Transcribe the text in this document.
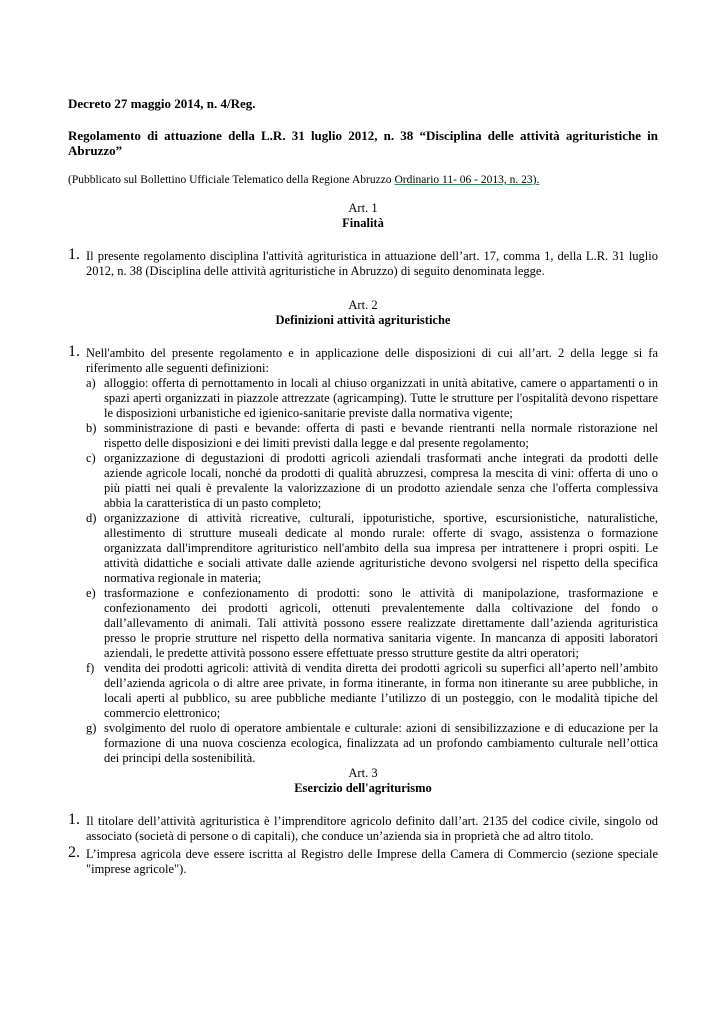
Decreto 27 maggio 2014, n. 4/Reg.
Regolamento di attuazione della L.R. 31 luglio 2012, n. 38 “Disciplina delle attività agrituristiche in Abruzzo”
(Pubblicato sul Bollettino Ufficiale Telematico della Regione Abruzzo Ordinario 11- 06 - 2013, n. 23).
Art. 1
Finalità
1. Il presente regolamento disciplina l'attività agrituristica in attuazione dell’art. 17, comma 1, della L.R. 31 luglio 2012, n. 38 (Disciplina delle attività agrituristiche in Abruzzo) di seguito denominata legge.
Art. 2
Definizioni attività agrituristiche
1. Nell'ambito del presente regolamento e in applicazione delle disposizioni di cui all’art. 2 della legge si fa riferimento alle seguenti definizioni:
a) alloggio: offerta di pernottamento in locali al chiuso organizzati in unità abitative, camere o appartamenti o in spazi aperti organizzati in piazzole attrezzate (agricamping). Tutte le strutture per l'ospitalità devono rispettare le disposizioni urbanistiche ed igienico-sanitarie previste dalla normativa vigente;
b) somministrazione di pasti e bevande: offerta di pasti e bevande rientranti nella normale ristorazione nel rispetto delle disposizioni e dei limiti previsti dalla legge e dal presente regolamento;
c) organizzazione di degustazioni di prodotti agricoli aziendali trasformati anche integrati da prodotti delle aziende agricole locali, nonché da prodotti di qualità abruzzesi, compresa la mescita di vini: offerta di uno o più piatti nei quali è prevalente la valorizzazione di un prodotto aziendale senza che l'offerta complessiva abbia la caratteristica di un pasto completo;
d) organizzazione di attività ricreative, culturali, ippoturistiche, sportive, escursionistiche, naturalistiche, allestimento di strutture museali dedicate al mondo rurale: offerte di svago, assistenza o formazione organizzata dall'imprenditore agrituristico nell'ambito della sua impresa per intrattenere i propri ospiti. Le attività didattiche e sociali attivate dalle aziende agrituristiche devono svolgersi nel rispetto della specifica normativa regionale in materia;
e) trasformazione e confezionamento di prodotti: sono le attività di manipolazione, trasformazione e confezionamento dei prodotti agricoli, ottenuti prevalentemente dalla coltivazione del fondo o dall’allevamento di animali. Tali attività possono essere realizzate direttamente dall’azienda agrituristica presso le proprie strutture nel rispetto della normativa sanitaria vigente. In mancanza di appositi laboratori aziendali, le predette attività possono essere effettuate presso strutture gestite da altri operatori;
f) vendita dei prodotti agricoli: attività di vendita diretta dei prodotti agricoli su superfici all’aperto nell’ambito dell’azienda agricola o di altre aree private, in forma itinerante, in forma non itinerante su aree pubbliche, in locali aperti al pubblico, su aree pubbliche mediante l’utilizzo di un posteggio, con le modalità tipiche del commercio elettronico;
g) svolgimento del ruolo di operatore ambientale e culturale: azioni di sensibilizzazione e di educazione per la formazione di una nuova coscienza ecologica, finalizzata ad un profondo cambiamento culturale nell’ottica dei principi della sostenibilità.
Art. 3
Esercizio dell'agriturismo
1. Il titolare dell’attività agrituristica è l’imprenditore agricolo definito dall’art. 2135 del codice civile, singolo od associato (società di persone o di capitali), che conduce un’azienda sia in proprietà che ad altro titolo.
2. L’impresa agricola deve essere iscritta al Registro delle Imprese della Camera di Commercio (sezione speciale "imprese agricole").
